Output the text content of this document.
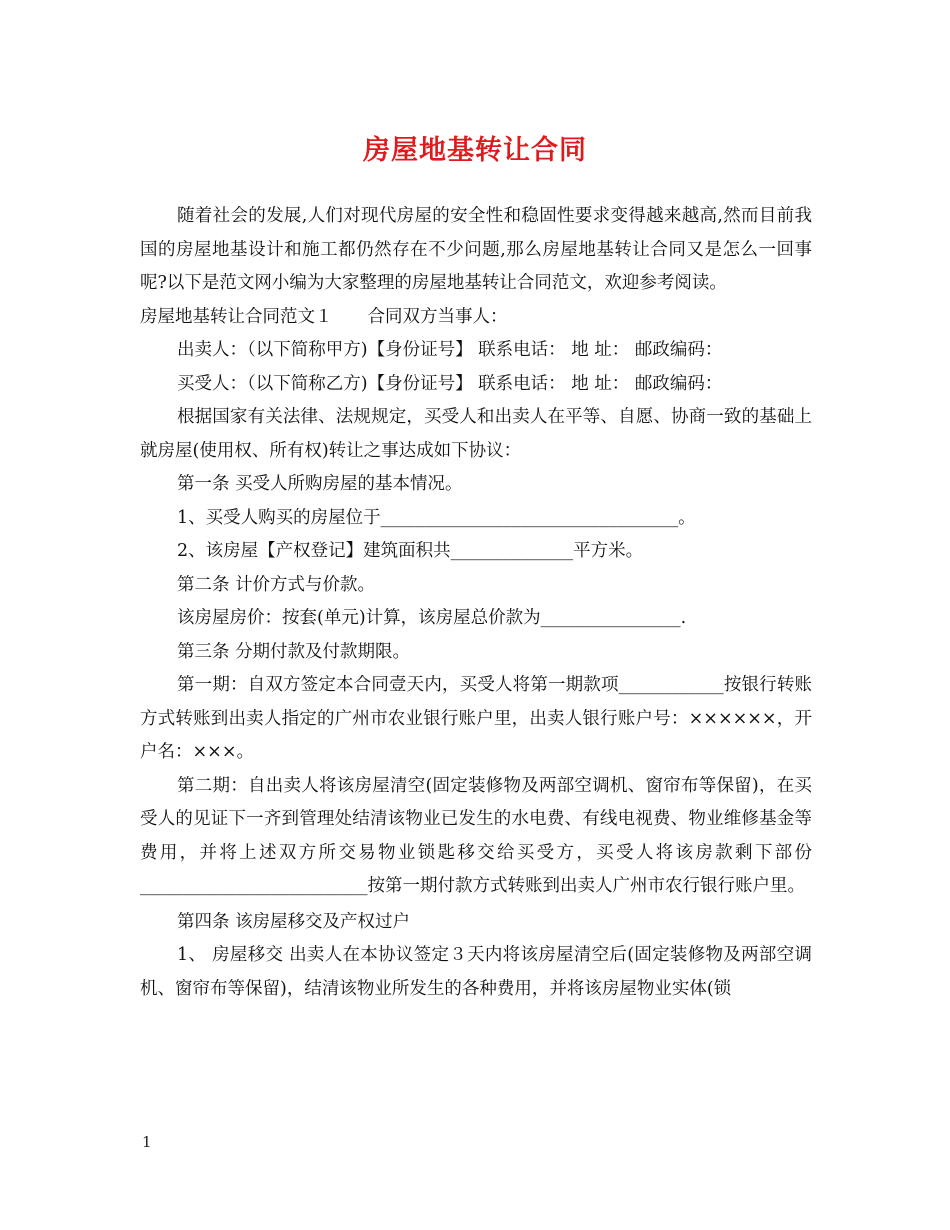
房屋地基转让合同

随着社会的发展,人们对现代房屋的安全性和稳固性要求变得越来越高,然而目前我国的房屋地基设计和施工都仍然存在不少问题,那么房屋地基转让合同又是怎么一回事呢?以下是范文网小编为大家整理的房屋地基转让合同范文，欢迎参考阅读。

房屋地基转让合同范文１　　合同双方当事人：

出卖人：（以下简称甲方)【身份证号】 联系电话： 地 址： 邮政编码：

买受人：（以下简称乙方)【身份证号】 联系电话： 地 址： 邮政编码：

根据国家有关法律、法规规定，买受人和出卖人在平等、自愿、协商一致的基础上就房屋(使用权、所有权)转让之事达成如下协议：

第一条 买受人所购房屋的基本情况。

1、买受人购买的房屋位于__________________________________。

2、该房屋【产权登记】建筑面积共______________平方米。

第二条 计价方式与价款。

该房屋房价：按套(单元)计算，该房屋总价款为________________.

第三条 分期付款及付款期限。

第一期：自双方签定本合同壹天内，买受人将第一期款项____________按银行转账方式转账到出卖人指定的广州市农业银行账户里，出卖人银行账户号：××××××，开户名：×××。

第二期：自出卖人将该房屋清空(固定装修物及两部空调机、窗帘布等保留)，在买受人的见证下一齐到管理处结清该物业已发生的水电费、有线电视费、物业维修基金等费用，并将上述双方所交易物业锁匙移交给买受方，买受人将该房款剩下部份__________________________按第一期付款方式转账到出卖人广州市农行银行账户里。

第四条 该房屋移交及产权过户

1、 房屋移交 出卖人在本协议签定３天内将该房屋清空后(固定装修物及两部空调机、窗帘布等保留)，结清该物业所发生的各种费用，并将该房屋物业实体(锁

1
